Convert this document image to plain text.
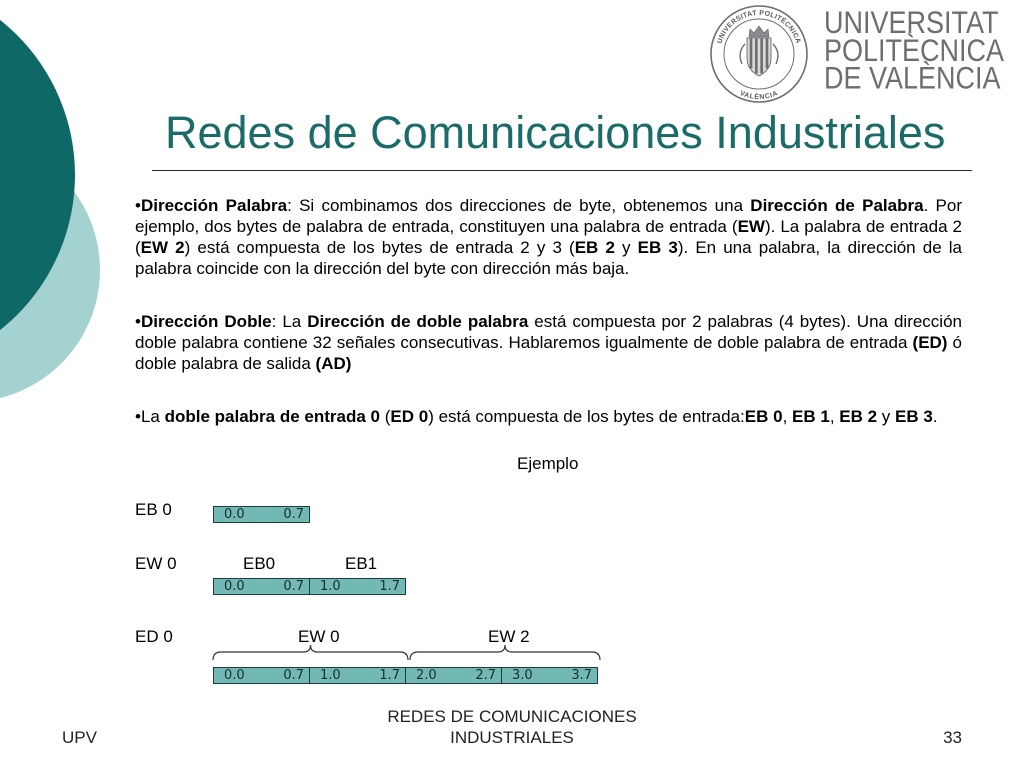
UNIVERSITAT POLITÈCNICA
VALÈNCIA
UNIVERSITAT
POLITÈCNICA
DE VALÈNCIA
Redes de Comunicaciones Industriales
•Dirección Palabra: Si combinamos dos direcciones de byte, obtenemos una Dirección de Palabra. Por ejemplo, dos bytes de palabra de entrada, constituyen una palabra de entrada (EW). La palabra de entrada 2 (EW 2) está compuesta de los bytes de entrada 2 y 3 (EB 2 y EB 3). En una palabra, la dirección de la palabra coincide con la dirección del byte con dirección más baja.
•Dirección Doble: La Dirección de doble palabra está compuesta por 2 palabras (4 bytes). Una dirección doble palabra contiene 32 señales consecutivas. Hablaremos igualmente de doble palabra de entrada (ED) ó doble palabra de salida (AD)
•La doble palabra de entrada 0 (ED 0) está compuesta de los bytes de entrada:EB 0, EB 1, EB 2 y EB 3.
Ejemplo
EB 0	0.0	0.7
EW 0	EB0	EB1
0.0	0.7	1.0	1.7
ED 0	EW 0	EW 2
0.0	0.7	1.0	1.7	2.0	2.7	3.0	3.7
UPV
REDES DE COMUNICACIONES
INDUSTRIALES	33
